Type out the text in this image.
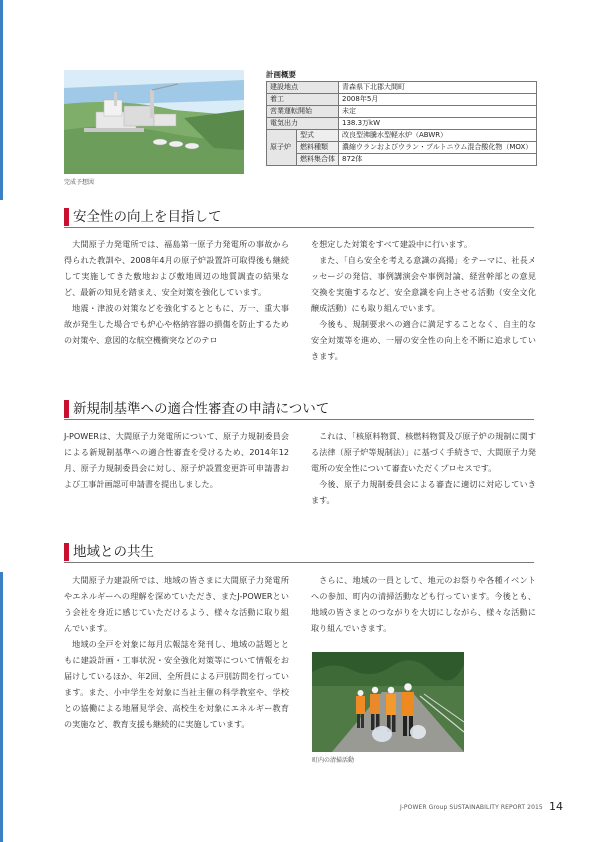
完成予想図
計画概要
建設地点		青森県下北郡大間町
着工		2008年5月
営業運転開始		未定
電気出力		138.3万kW
原子炉	型式	改良型沸騰水型軽水炉（ABWR）
	燃料種類	濃縮ウランおよびウラン・プルトニウム混合酸化物（MOX）
	燃料集合体	872体
安全性の向上を目指して

大間原子力発電所では、福島第一原子力発電所の事故から得られた教訓や、2008年4月の原子炉設置許可取得後も継続して実施してきた敷地および敷地周辺の地質調査の結果など、最新の知見を踏まえ、安全対策を強化しています。

地震・津波の対策などを強化するとともに、万一、重大事故が発生した場合でも炉心や格納容器の損傷を防止するための対策や、意図的な航空機衝突などのテロ

を想定した対策をすべて建設中に行います。

また、「自ら安全を考える意識の高揚」をテーマに、社長メッセージの発信、事例講演会や事例討論、経営幹部との意見交換を実施するなど、安全意識を向上させる活動（安全文化醸成活動）にも取り組んでいます。

今後も、規制要求への適合に満足することなく、自主的な安全対策等を進め、一層の安全性の向上を不断に追求していきます。

新規制基準への適合性審査の申請について

J-POWERは、大間原子力発電所について、原子力規制委員会による新規制基準への適合性審査を受けるため、2014年12月、原子力規制委員会に対し、原子炉設置変更許可申請書および工事計画認可申請書を提出しました。

これは、「核原料物質、核燃料物質及び原子炉の規制に関する法律（原子炉等規制法）」に基づく手続きで、大間原子力発電所の安全性について審査いただくプロセスです。

今後、原子力規制委員会による審査に適切に対応していきます。

地域との共生

大間原子力建設所では、地域の皆さまに大間原子力発電所やエネルギーへの理解を深めていただき、またJ-POWERという会社を身近に感じていただけるよう、様々な活動に取り組んでいます。

地域の全戸を対象に毎月広報誌を発刊し、地域の話題とともに建設計画・工事状況・安全強化対策等について情報をお届けしているほか、年2回、全所員による戸別訪問を行っています。また、小中学生を対象に当社主催の科学教室や、学校との協働による地層見学会、高校生を対象にエネルギー教育の実施など、教育支援も継続的に実施しています。

さらに、地域の一員として、地元のお祭りや各種イベントへの参加、町内の清掃活動なども行っています。今後とも、地域の皆さまとのつながりを大切にしながら、様々な活動に取り組んでいきます。

町内の清掃活動
J-POWER Group SUSTAINABILITY REPORT 2015 14
